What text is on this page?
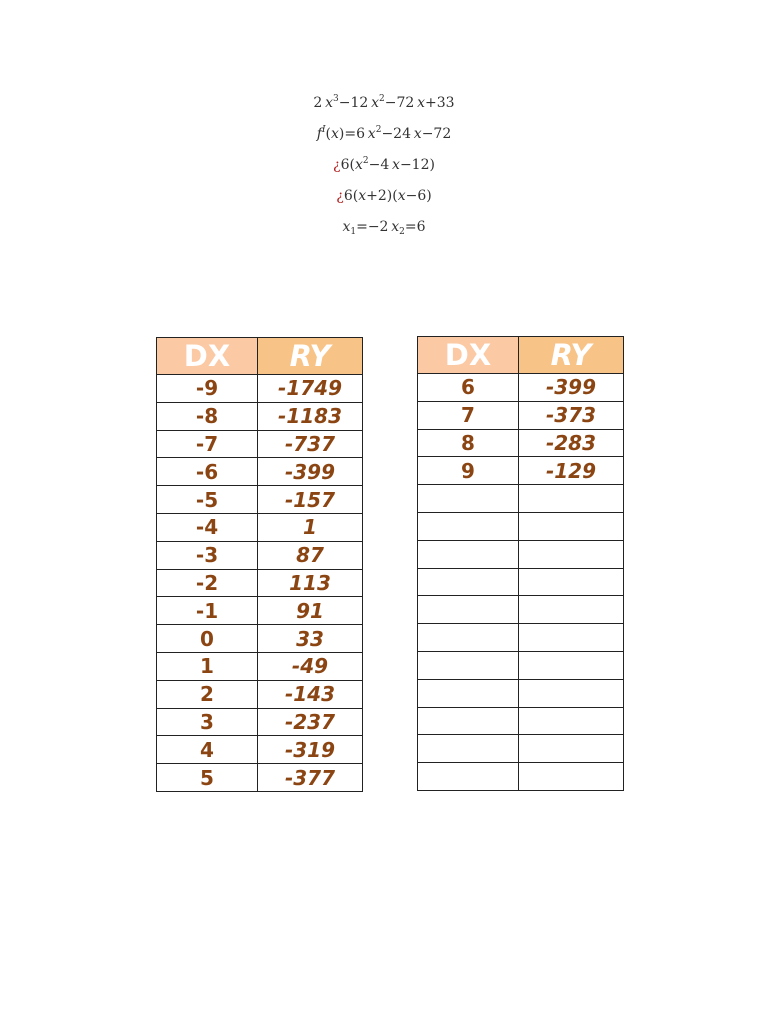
2  $x^3-12$  $x^2-72$  x+33
$f^I(x)=6$  $x^2-24$  x−72
¿$6(x^2-4$  x−12)
¿6(x+2)(x−6)
$x_1=-2$  $x_2=6$
DX	RY
-9	-1749
-8	-1183
-7	-737
-6	-399
-5	-157
-4	1
-3	87
-2	113
-1	91
0	33
1	-49
2	-143
3	-237
4	-319
5	-377
DX	RY
6	-399
7	-373
8	-283
9	-129
